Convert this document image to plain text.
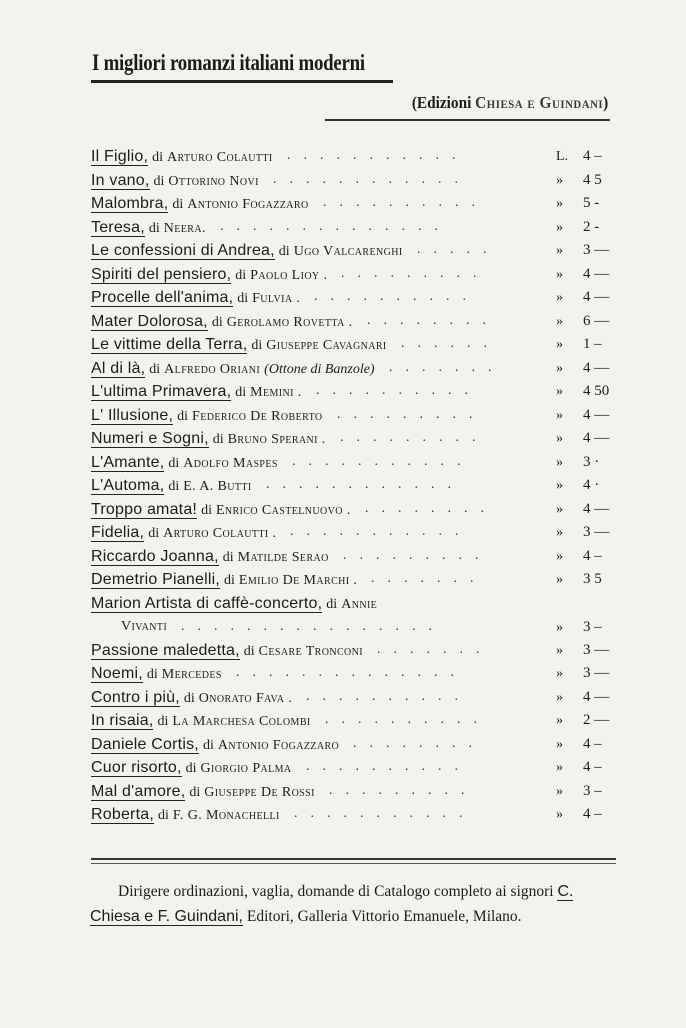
I migliori romanzi italiani moderni
(Edizioni Chiesa e Guindani)
Il Figlio, di Arturo Colautti	L. 4 –
...........
In vano, di Ottorino Novi	» 4 5
............
Malombra, di Antonio Fogazzaro	» 5 -
..........
Teresa, di Neera.	» 2 -
..............
Le confessioni di Andrea, di Ugo Valcarenghi	» 3 —
.....
Spiriti del pensiero, di Paolo Lioy .	» 4 —
.........
Procelle dell'anima, di Fulvia .	» 4 —
..........
Mater Dolorosa, di Gerolamo Rovetta .	» 6 —
........
Le vittime della Terra, di Giuseppe Cavagnari	» 1 –
......
Al di là, di Alfredo Oriani (Ottone di Banzole)	» 4 —
.......
L'ultima Primavera, di Memini .	» 4 50
..........
L' Illusione, di Federico De Roberto	» 4 —
.........
Numeri e Sogni, di Bruno Sperani .	» 4 —
.........
L'Amante, di Adolfo Maspes	» 3 ·
...........
L'Automa, di E. A. Butti	» 4 ·
............
Troppo amata! di Enrico Castelnuovo .	» 4 —
........
Fidelia, di Arturo Colautti .	» 3 —
...........
Riccardo Joanna, di Matilde Serao	» 4 –
.........
Demetrio Pianelli, di Emilio De Marchi .	» 3 5
.......
Marion Artista di caffè-concerto, di Annie
Vivanti	» 3 –
................
Passione maledetta, di Cesare Tronconi	» 3 —
.......
Noemi, di Mercedes	» 3 —
..............
Contro i più, di Onorato Fava .	» 4 —
..........
In risaia, di La Marchesa Colombi	» 2 —
..........
Daniele Cortis, di Antonio Fogazzaro	» 4 –
........
Cuor risorto, di Giorgio Palma	» 4 –
..........
Mal d'amore, di Giuseppe De Rossi	» 3 –
.........
Roberta, di F. G. Monachelli	» 4 –
...........
Dirigere ordinazioni, vaglia, domande di Catalogo completo ai signori C. Chiesa e F. Guindani, Editori, Galleria Vittorio Emanuele, Milano.
